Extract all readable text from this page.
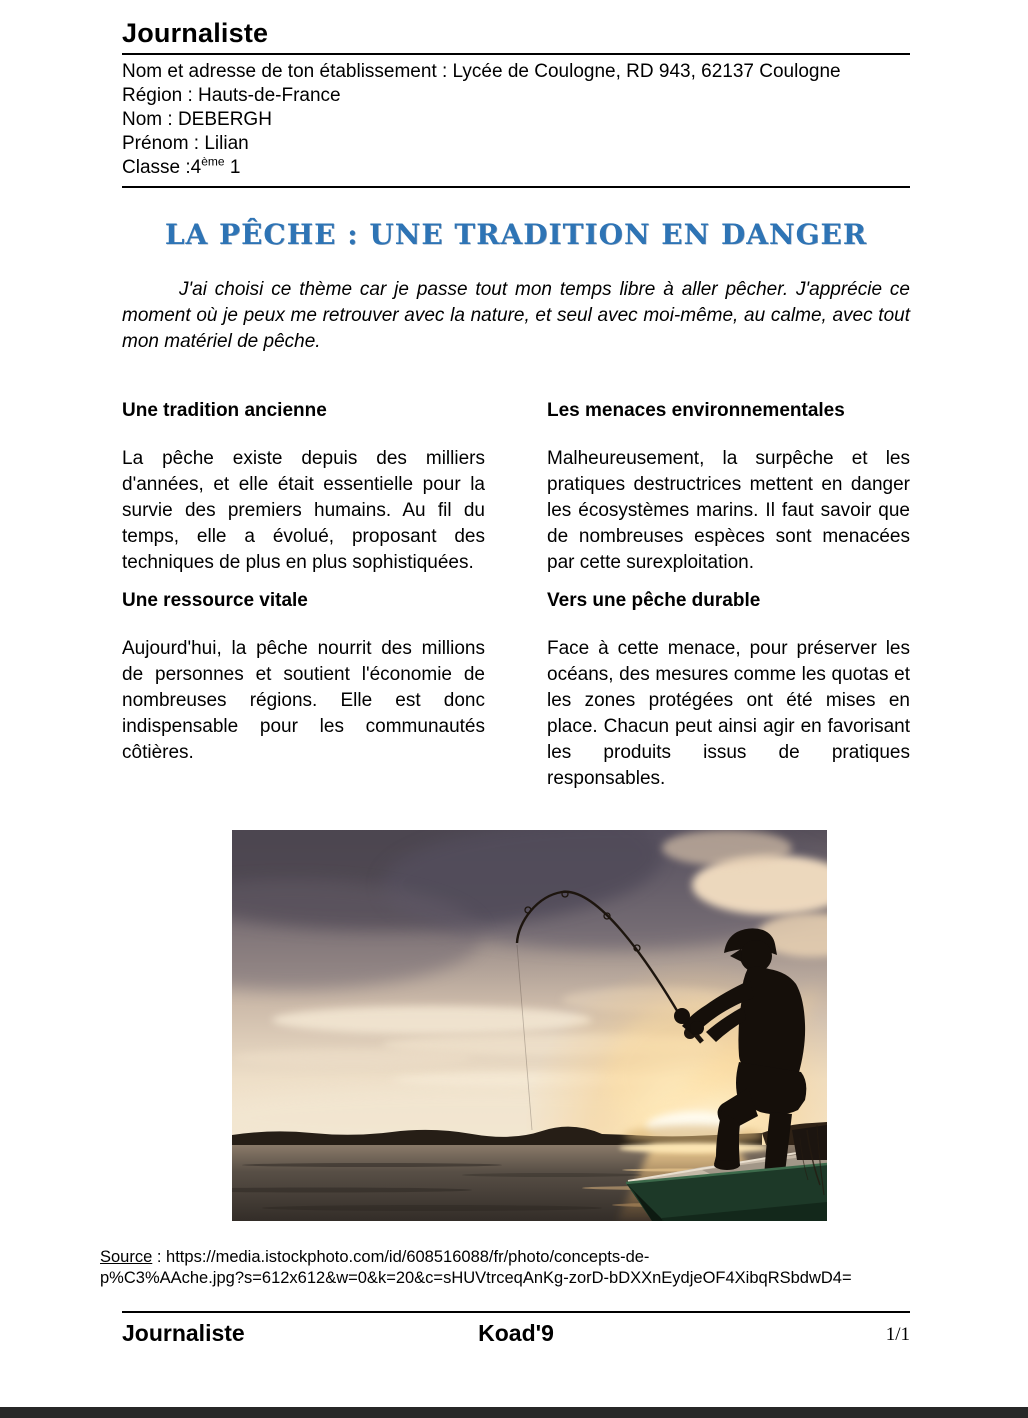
Journaliste
Nom et adresse de ton établissement : Lycée de Coulogne, RD 943, 62137 Coulogne
Région : Hauts-de-France
Nom : DEBERGH
Prénom : Lilian
Classe :4ème 1
LA PÊCHE : UNE TRADITION EN DANGER

J'ai choisi ce thème car je passe tout mon temps libre à aller pêcher. J'apprécie ce moment où je peux me retrouver avec la nature, et seul avec moi-même, au calme, avec tout mon matériel de pêche.

Une tradition ancienne

La pêche existe depuis des milliers d'années, et elle était essentielle pour la survie des premiers humains. Au fil du temps, elle a évolué, proposant des techniques de plus en plus sophistiquées.

Les menaces environnementales

Malheureusement, la surpêche et les pratiques destructrices mettent en danger les écosystèmes marins. Il faut savoir que de nombreuses espèces sont menacées par cette surexploitation.

Une ressource vitale

Aujourd'hui, la pêche nourrit des millions de personnes et soutient l'économie de nombreuses régions. Elle est donc indispensable pour les communautés côtières.

Vers une pêche durable

Face à cette menace, pour préserver les océans, des mesures comme les quotas et les zones protégées ont été mises en place. Chacun peut ainsi agir en favorisant les produits issus de pratiques responsables.

Source : https://media.istockphoto.com/id/608516088/fr/photo/concepts-de-
p%C3%AAche.jpg?s=612x612&w=0&k=20&c=sHUVtrceqAnKg-zorD-bDXXnEydjeOF4XibqRSbdwD4=

Journaliste	Koad'9	1/1
